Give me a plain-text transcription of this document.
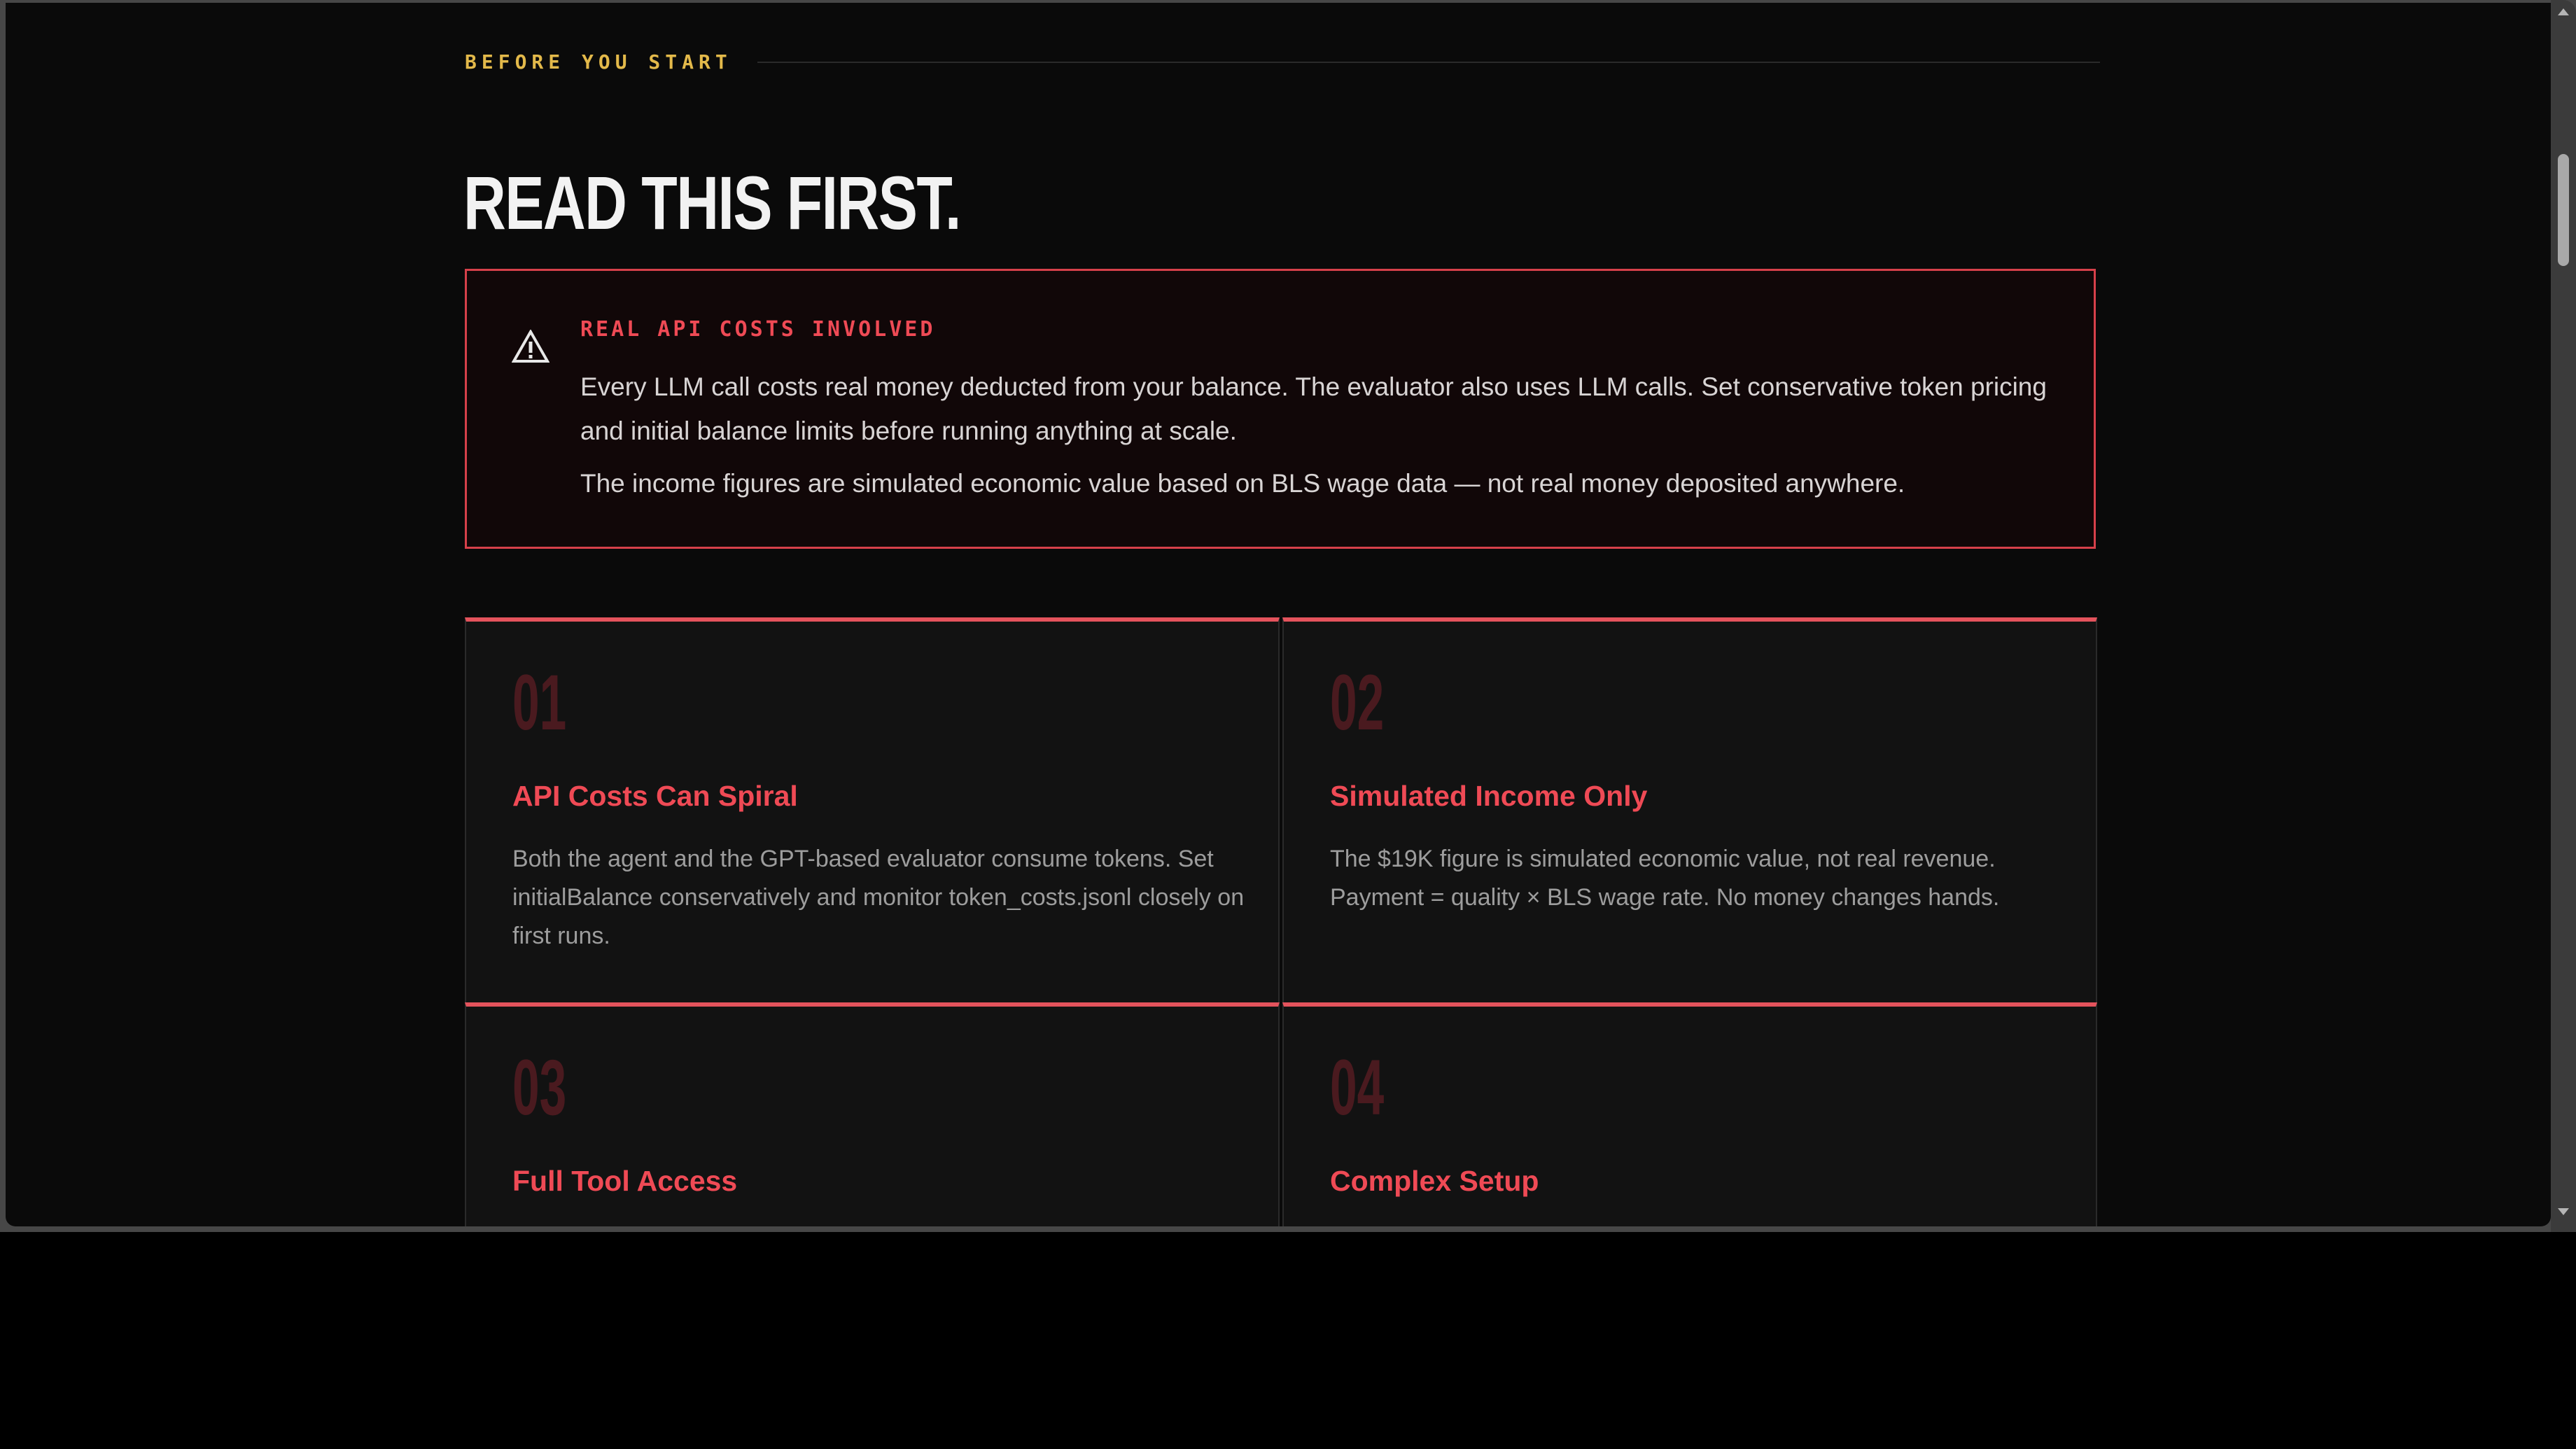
BEFORE YOU START
READ THIS FIRST.
REAL API COSTS INVOLVED

Every LLM call costs real money deducted from your balance. The evaluator also uses LLM calls. Set conservative token pricing and initial balance limits before running anything at scale.

The income figures are simulated economic value based on BLS wage data — not real money deposited anywhere.

01
API Costs Can Spiral
Both the agent and the GPT-based evaluator consume tokens. Set initialBalance conservatively and monitor token_costs.jsonl closely on first runs.
02
Simulated Income Only
The $19K figure is simulated economic value, not real revenue. Payment = quality × BLS wage rate. No money changes hands.
03
Full Tool Access
04
Complex Setup
